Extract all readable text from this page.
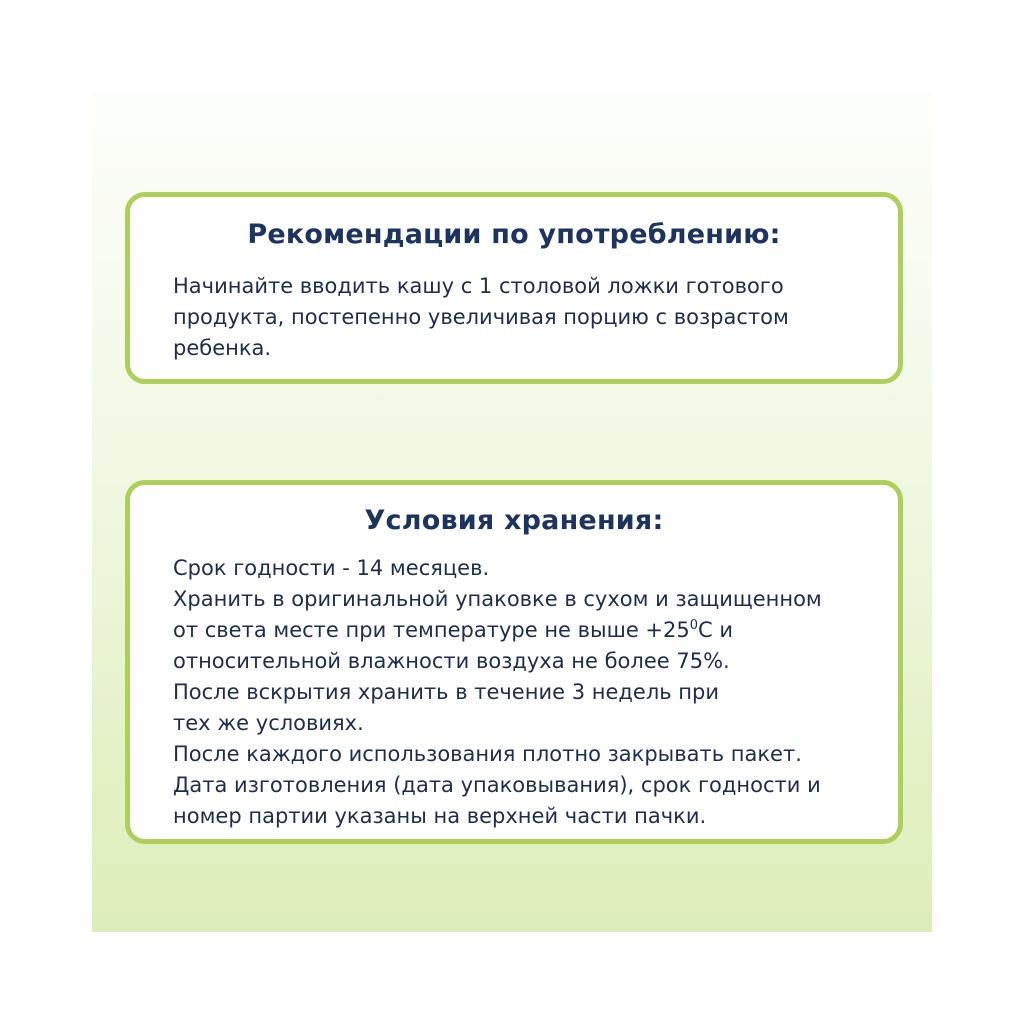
Рекомендации по употреблению:
Начинайте вводить кашу с 1 столовой ложки готового
продукта, постепенно увеличивая порцию с возрастом
ребенка.
Условия хранения:
Срок годности - 14 месяцев.
Хранить в оригинальной упаковке в сухом и защищенном
от света месте при температуре не выше $+25^0C$ и
относительной влажности воздуха не более 75%.
После вскрытия хранить в течение 3 недель при
тех же условиях.
После каждого использования плотно закрывать пакет.
Дата изготовления (дата упаковывания), срок годности и
номер партии указаны на верхней части пачки.
